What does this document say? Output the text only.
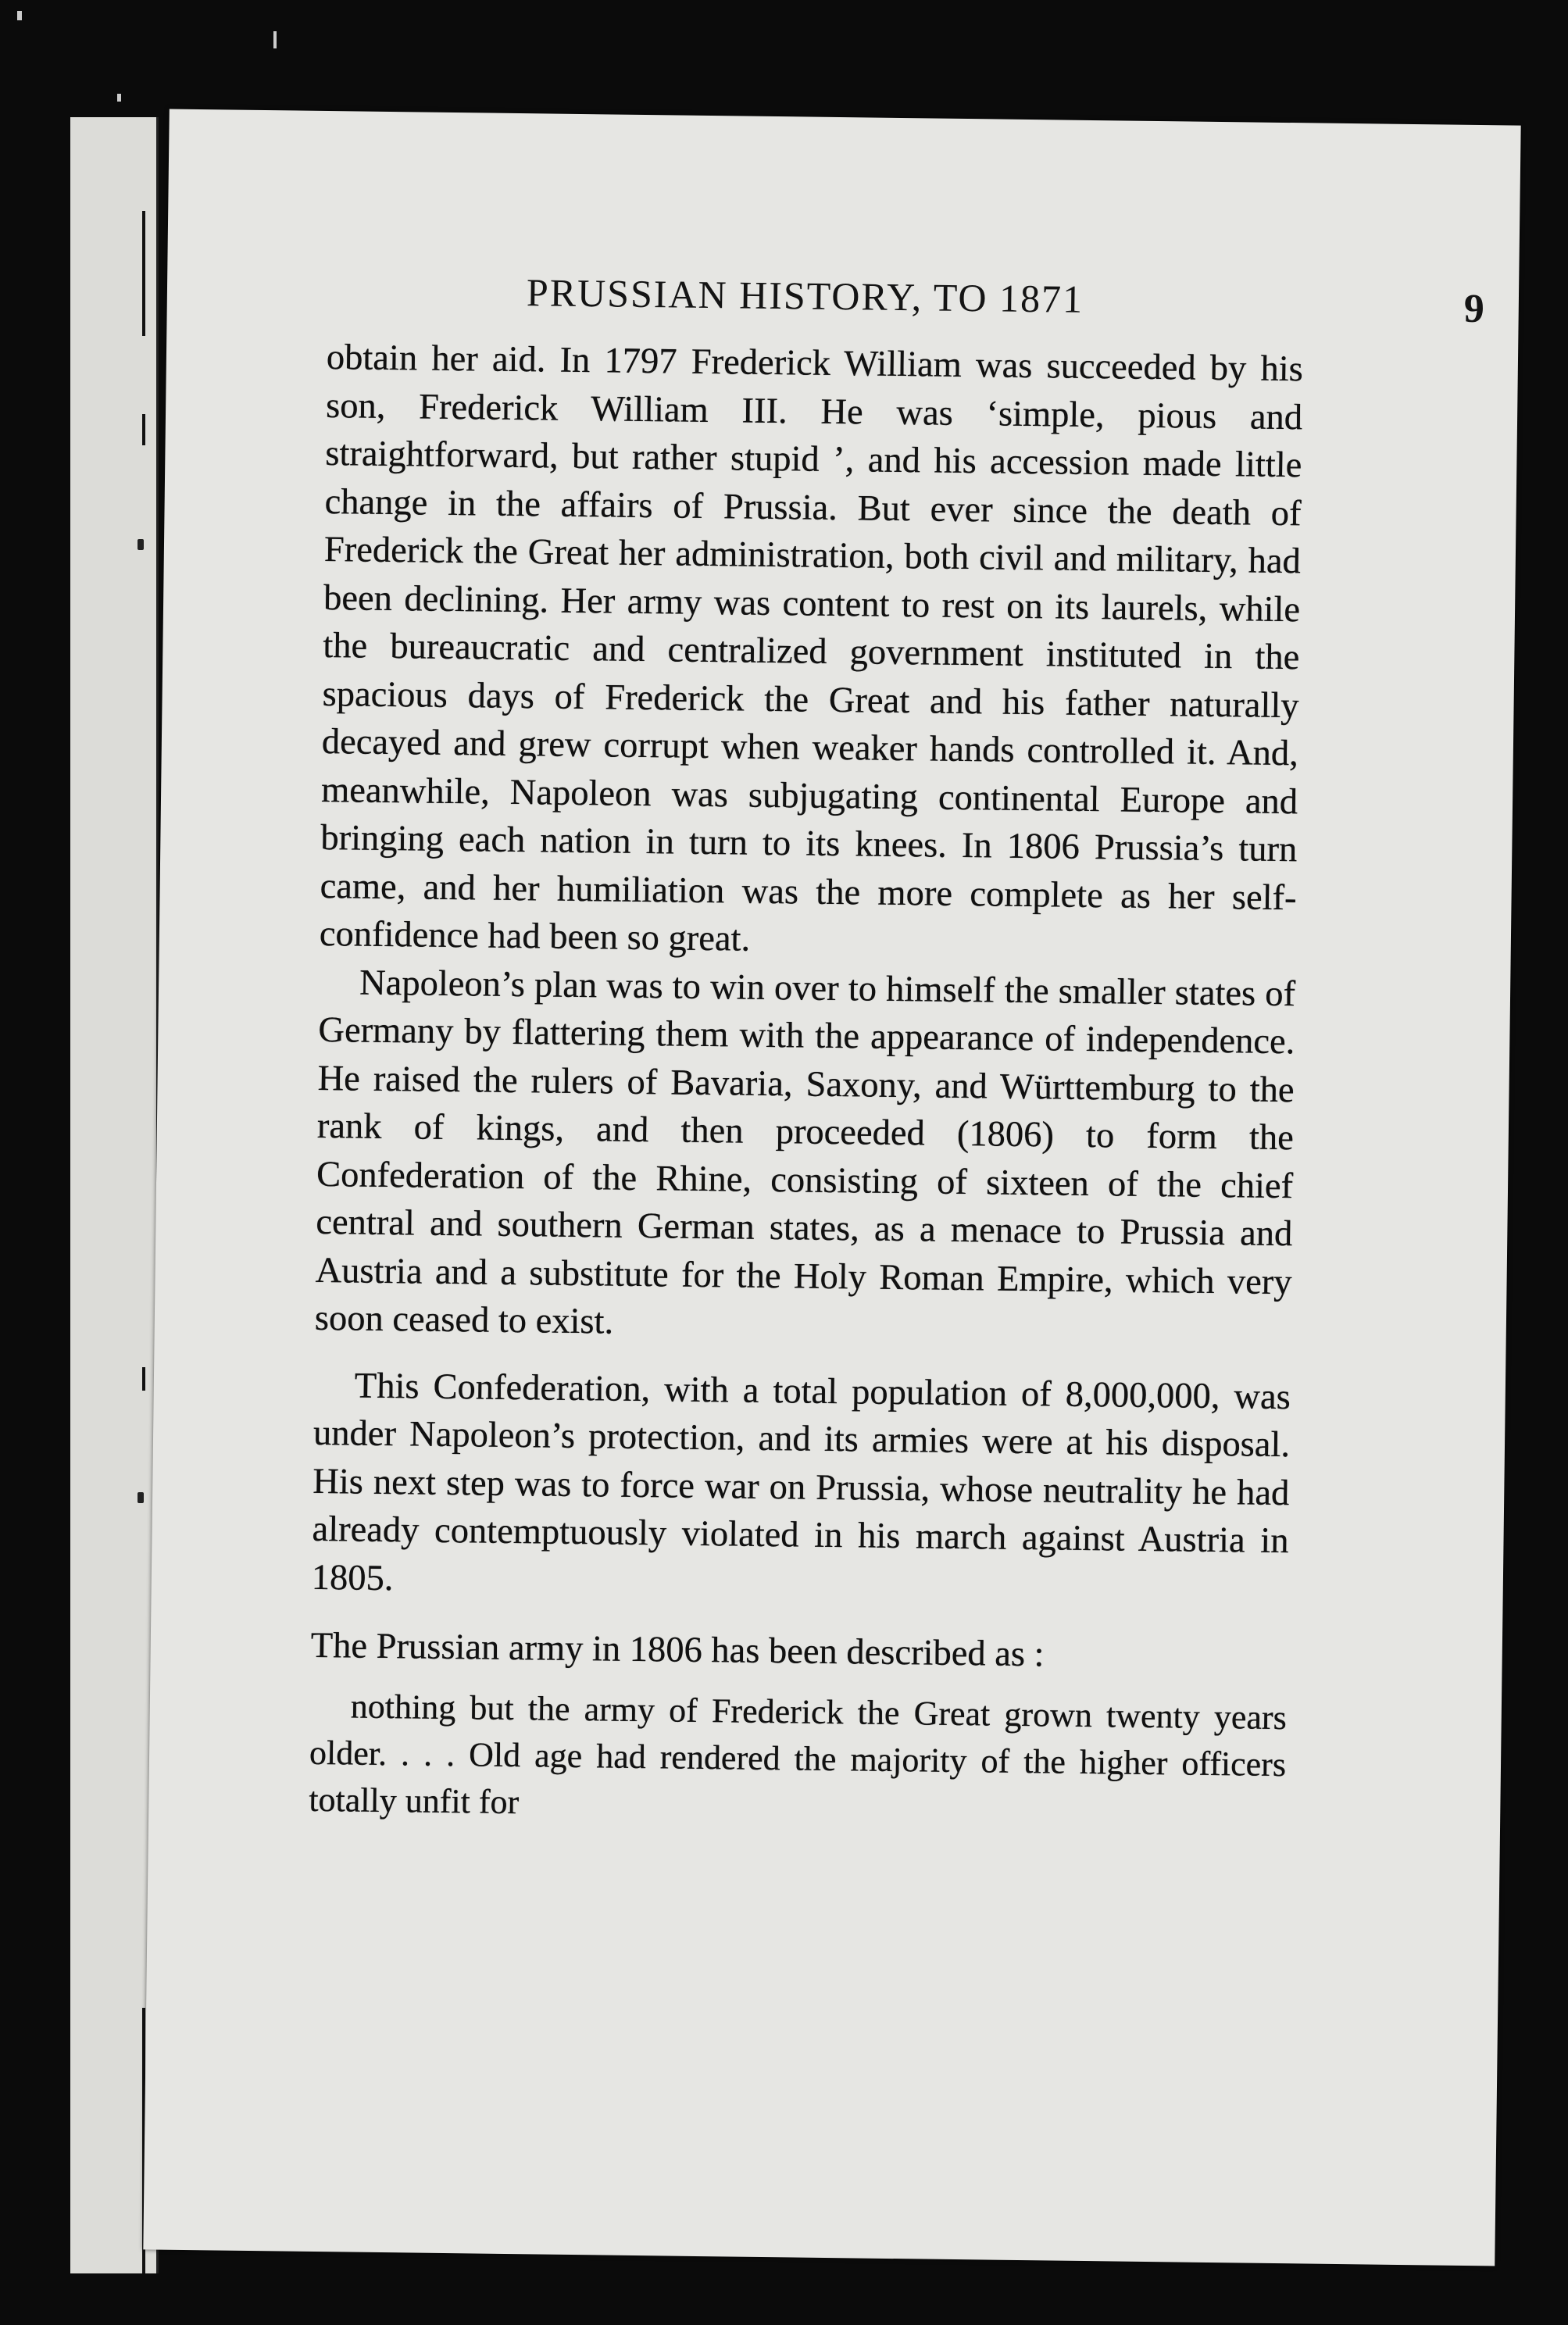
PRUSSIAN HISTORY, TO 1871	9

obtain her aid. In 1797 Frederick William was succeeded by his son, Frederick William III. He was ‘simple, pious and straightforward, but rather stupid ’, and his accession made little change in the affairs of Prussia. But ever since the death of Frederick the Great her administration, both civil and military, had been declining. Her army was content to rest on its laurels, while the bureaucratic and centralized government instituted in the spacious days of Frederick the Great and his father naturally decayed and grew corrupt when weaker hands controlled it. And, meanwhile, Napoleon was subjugating continental Europe and bringing each nation in turn to its knees. In 1806 Prussia’s turn came, and her humiliation was the more complete as her self-confidence had been so great.

Napoleon’s plan was to win over to himself the smaller states of Germany by flattering them with the appearance of independence. He raised the rulers of Bavaria, Saxony, and Württemburg to the rank of kings, and then proceeded (1806) to form the Confederation of the Rhine, consisting of sixteen of the chief central and southern German states, as a menace to Prussia and Austria and a substitute for the Holy Roman Empire, which very soon ceased to exist.

This Confederation, with a total population of 8,000,000, was under Napoleon’s protection, and its armies were at his disposal. His next step was to force war on Prussia, whose neutrality he had already contemptuously violated in his march against Austria in 1805.

The Prussian army in 1806 has been described as :

nothing but the army of Frederick the Great grown twenty years older. . . . Old age had rendered the majority of the higher officers totally unfit for
